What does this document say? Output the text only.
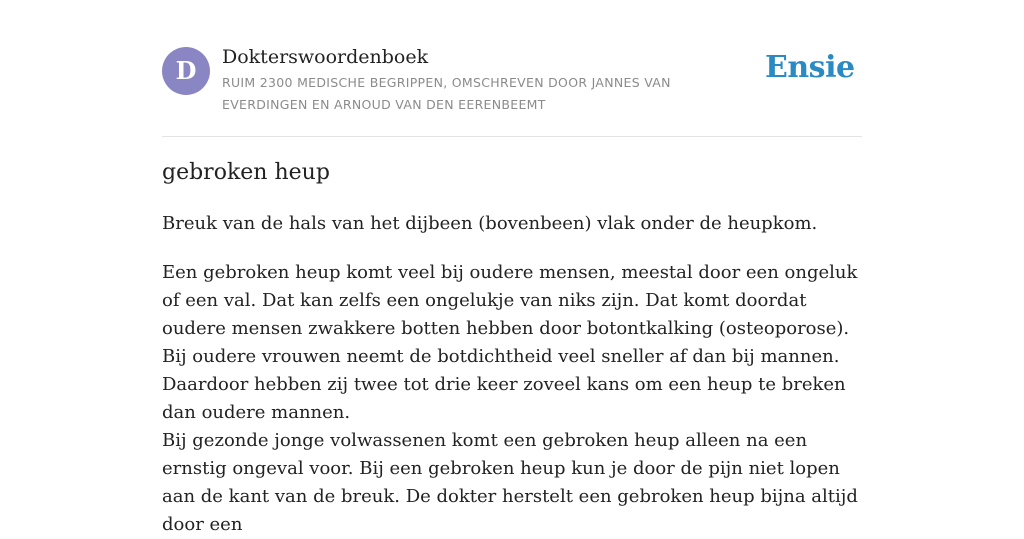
D	Dokterswoordenboek
RUIM 2300 MEDISCHE BEGRIPPEN, OMSCHREVEN DOOR JANNES VAN EVERDINGEN EN ARNOUD VAN DEN EERENBEEMT
Ensie
gebroken heup

Breuk van de hals van het dijbeen (bovenbeen) vlak onder de heupkom.

Een gebroken heup komt veel bij oudere mensen, meestal door een ongeluk of een val. Dat kan zelfs een ongelukje van niks zijn. Dat komt doordat oudere mensen zwakkere botten hebben door botontkalking (osteoporose). Bij oudere vrouwen neemt de botdichtheid veel sneller af dan bij mannen. Daardoor hebben zij twee tot drie keer zoveel kans om een heup te breken dan oudere mannen.

Bij gezonde jonge volwassenen komt een gebroken heup alleen na een ernstig ongeval voor. Bij een gebroken heup kun je door de pijn niet lopen aan de kant van de breuk. De dokter herstelt een gebroken heup bijna altijd door een
